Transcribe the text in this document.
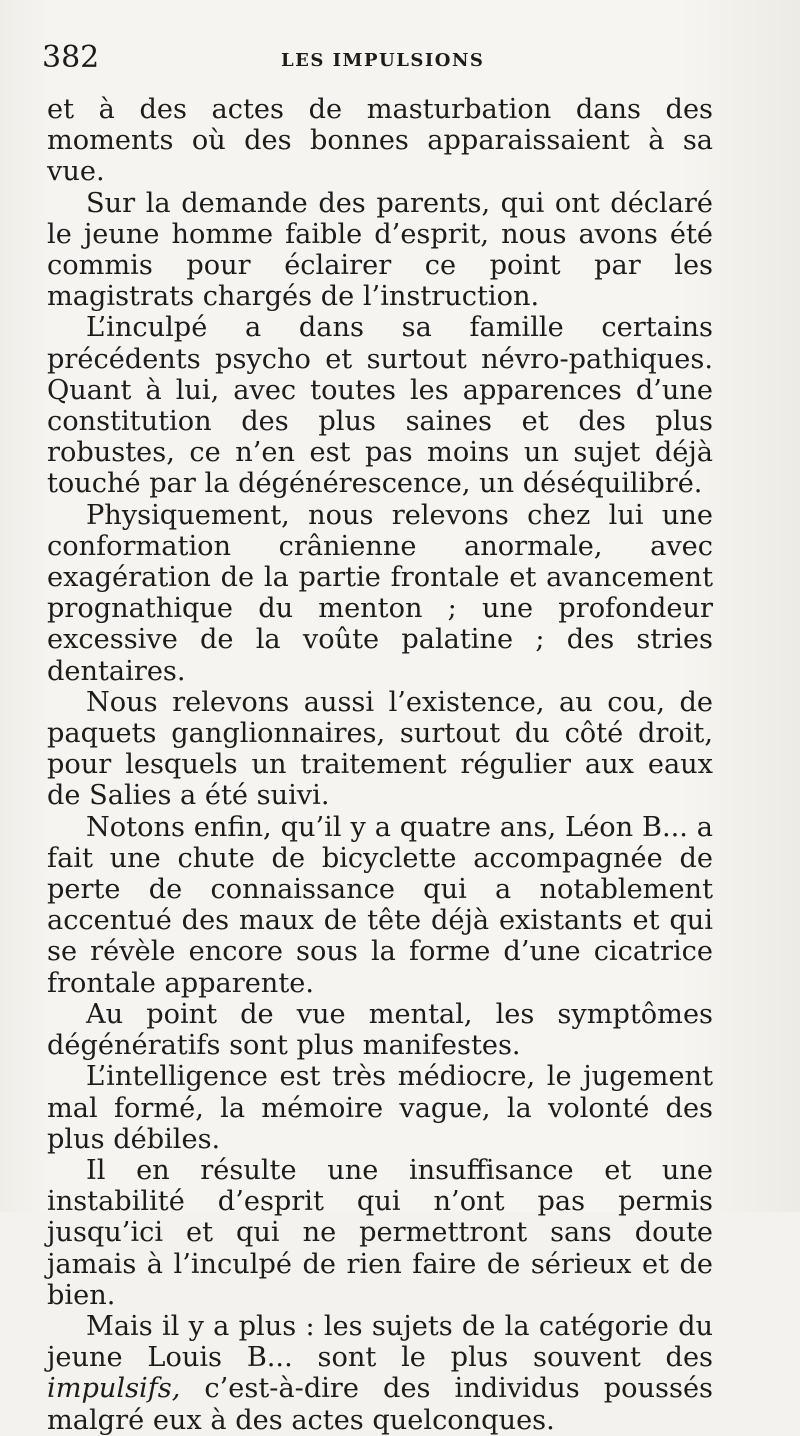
382	LES IMPULSIONS

et à des actes de masturbation dans des moments où des bonnes apparaissaient à sa vue.

Sur la demande des parents, qui ont déclaré le jeune homme faible d’esprit, nous avons été commis pour éclairer ce point par les magistrats chargés de l’instruction.

L’inculpé a dans sa famille certains précédents psycho et surtout névro-pathiques. Quant à lui, avec toutes les apparences d’une constitution des plus saines et des plus robustes, ce n’en est pas moins un sujet déjà touché par la dégénérescence, un déséquilibré.

Physiquement, nous relevons chez lui une conformation crânienne anormale, avec exagération de la partie frontale et avancement prognathique du menton ; une profondeur excessive de la voûte palatine ; des stries dentaires.

Nous relevons aussi l’existence, au cou, de paquets ganglionnaires, surtout du côté droit, pour lesquels un traitement régulier aux eaux de Salies a été suivi.

Notons enfin, qu’il y a quatre ans, Léon B... a fait une chute de bicyclette accompagnée de perte de connaissance qui a notablement accentué des maux de tête déjà existants et qui se révèle encore sous la forme d’une cicatrice frontale apparente.

Au point de vue mental, les symptômes dégénératifs sont plus manifestes.

L’intelligence est très médiocre, le jugement mal formé, la mémoire vague, la volonté des plus débiles.

Il en résulte une insuffisance et une instabilité d’esprit qui n’ont pas permis jusqu’ici et qui ne permettront sans doute jamais à l’inculpé de rien faire de sérieux et de bien.

Mais il y a plus : les sujets de la catégorie du jeune Louis B... sont le plus souvent des impulsifs, c’est-à-dire des individus poussés malgré eux à des actes quelconques.
